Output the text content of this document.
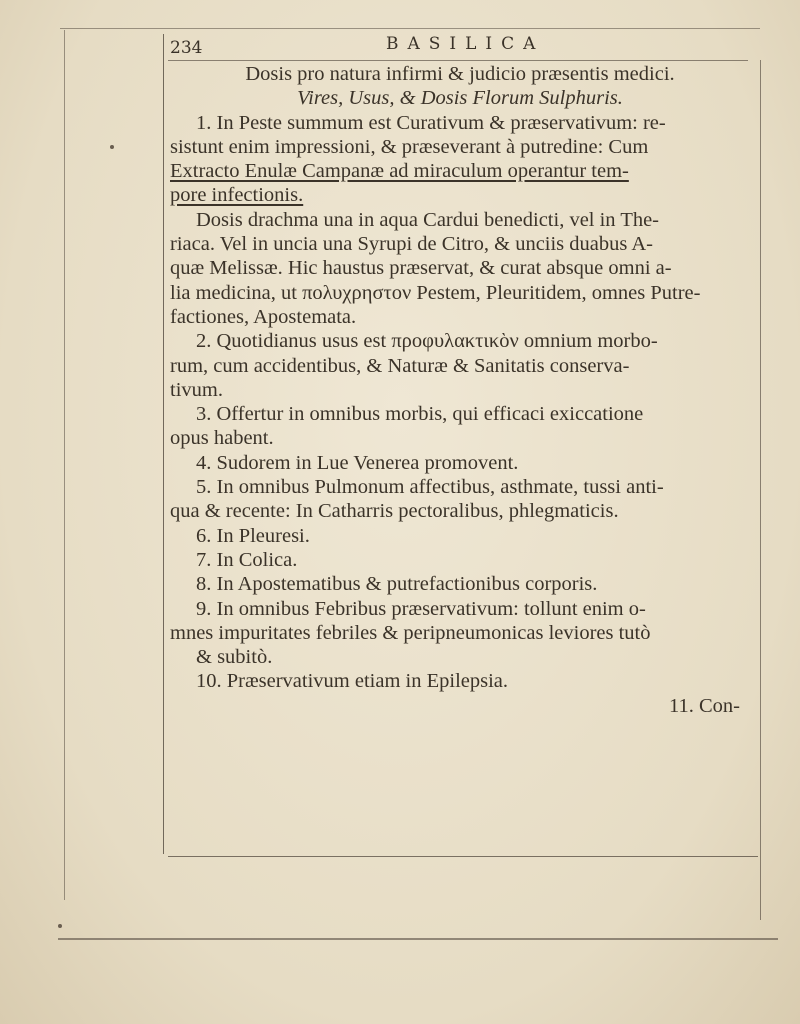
234	BASILICA
Dosis pro natura infirmi & judicio præsentis medici.
Vires, Usus, & Dosis Florum Sulphuris.
1. In Peste summum est Curativum & præservativum: re-
sistunt enim impressioni, & præseverant à putredine: Cum
Extracto Enulæ Campanæ ad miraculum operantur tem-
pore infectionis.
Dosis drachma una in aqua Cardui benedicti, vel in The-
riaca. Vel in uncia una Syrupi de Citro, & unciis duabus A-
quæ Melissæ. Hic haustus præservat, & curat absque omni a-
lia medicina, ut πολυχρηστον Pestem, Pleuritidem, omnes Putre-
factiones, Apostemata.
2. Quotidianus usus est προφυλακτικὸν omnium morbo-
rum, cum accidentibus, & Naturæ & Sanitatis conserva-
tivum.
3. Offertur in omnibus morbis, qui efficaci exiccatione
opus habent.
4. Sudorem in Lue Venerea promovent.
5. In omnibus Pulmonum affectibus, asthmate, tussi anti-
qua & recente: In Catharris pectoralibus, phlegmaticis.
6. In Pleuresi.
7. In Colica.
8. In Apostematibus & putrefactionibus corporis.
9. In omnibus Febribus præservativum: tollunt enim o-
mnes impuritates febriles & peripneumonicas leviores tutò
& subitò.
10. Præservativum etiam in Epilepsia.
11. Con-
